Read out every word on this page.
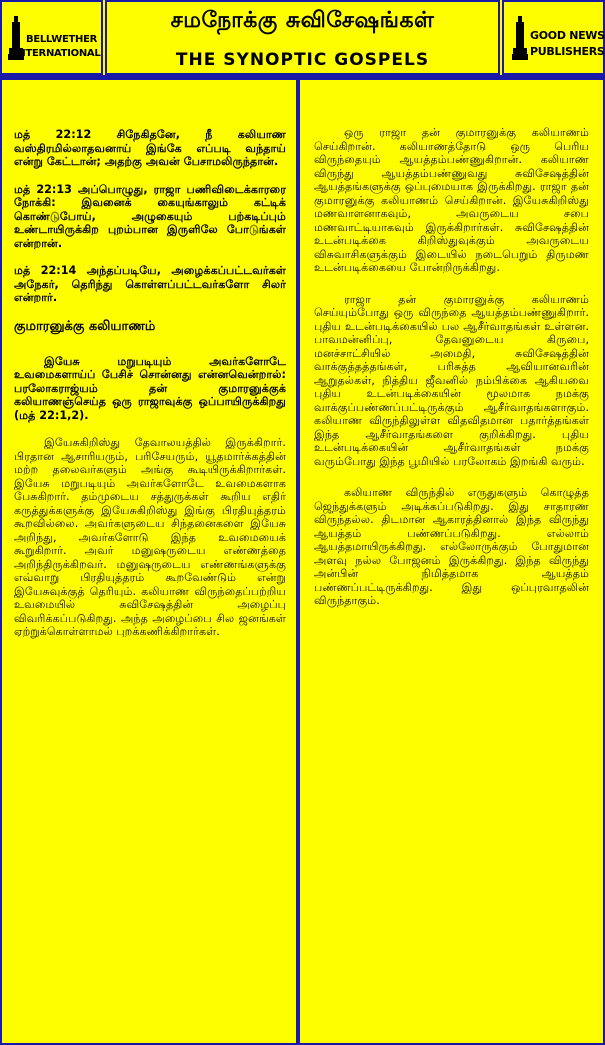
BELLWETHER
INTERNATIONAL
சமநோக்கு சுவிசேஷங்கள்
THE SYNOPTIC GOSPELS
GOOD NEWS
PUBLISHERS

மத் 22:12 சிநேகிதனே, நீ கலியாண வஸ்திரமில்லாதவனாய் இங்கே எப்படி வந்தாய் என்று கேட்டான்; அதற்கு அவன் பேசாமலிருந்தான்.

மத் 22:13 அப்பொழுது, ராஜா பணிவிடைக்காரரை நோக்கி: இவனைக் கையுங்காலும் கட்டிக் கொண்டுபோய், அழுகையும் பற்கடிப்பும் உண்டாயிருக்கிற புறம்பான இருளிலே போடுங்கள் என்றான்.

மத் 22:14 அந்தப்படியே, அழைக்கப்பட்டவர்கள் அநேகர், தெரிந்து கொள்ளப்பட்டவர்களோ சிலர் என்றார்.

குமாரனுக்கு கலியாணம்

இயேசு மறுபடியும் அவர்களோடே உவமைகளாய்ப் பேசிச் சொன்னது என்னவென்றால்: பரலோகராஜ்யம் தன் குமாரனுக்குக் கலியாணஞ்செய்த ஒரு ராஜாவுக்கு ஒப்பாயிருக்கிறது (மத் 22:1,2).

இயேசுகிறிஸ்து தேவாலயத்தில் இருக்கிறார். பிரதான ஆசாரியரும், பரிசேயரும், யூதமார்க்கத்தின் மற்ற தலைவர்களும் அங்கு கூடியிருக்கிறார்கள். இயேசு மறுபடியும் அவர்களோடே உவமைகளாக பேசுகிறார். தம்முடைய சத்துருக்கள் கூறிய எதிர் கருத்துக்களுக்கு இயேசுகிறிஸ்து இங்கு பிரதியுத்தரம் கூறவில்லை. அவர்களுடைய சிந்தனைகளை இயேசு அறிந்து, அவர்களோடு இந்த உவமையைக் கூறுகிறார். அவர் மனுஷருடைய எண்ணத்தை அறிந்திருக்கிறவர். மனுஷருடைய எண்ணங்களுக்கு எவ்வாறு பிரதியுத்தரம் கூறவேண்டும் என்று இயேசுவுக்குத் தெரியும். கலியாண விருந்தைப்பற்றிய உவமையில் சுவிசேஷத்தின் அழைப்பு விவரிக்கப்படுகிறது. அந்த அழைப்பை சில ஜனங்கள் ஏற்றுக்கொள்ளாமல் புறக்கணிக்கிறார்கள்.

ஒரு ராஜா தன் குமாரனுக்கு கலியாணம் செய்கிறான். கலியாணத்தோடு ஒரு பெரிய விருந்தையும் ஆயத்தம்பண்ணுகிறான். கலியாண விருந்து ஆயத்தம்பண்ணுவது சுவிசேஷத்தின் ஆயத்தங்களுக்கு ஒப்புமையாக இருக்கிறது. ராஜா தன் குமாரனுக்கு கலியாணம் செய்கிறான். இயேசுகிறிஸ்து மணவாளனாகவும், அவருடைய சபை மணவாட்டியாகவும் இருக்கிறார்கள். சுவிசேஷத்தின் உடன்படிக்கை கிறிஸ்துவுக்கும் அவருடைய விசுவாசிகளுக்கும் இடையில் நடைபெறும் திருமண உடன்படிக்கையை போன்றிருக்கிறது.

ராஜா தன் குமாரனுக்கு கலியாணம் செய்யும்போது ஒரு விருந்தை ஆயத்தம்பண்ணுகிறார். புதிய உடன்படிக்கையில் பல ஆசீர்வாதங்கள் உள்ளன. பாவமன்னிப்பு, தேவனுடைய கிருபை, மனச்சாட்சியில் அமைதி, சுவிசேஷத்தின் வாக்குத்தத்தங்கள், பரிசுத்த ஆவியானவரின் ஆறுதல்கள், நித்திய ஜீவனில் நம்பிக்கை ஆகியவை புதிய உடன்படிக்கையின் மூலமாக நமக்கு வாக்குப்பண்ணப்பட்டிருக்கும் ஆசீர்வாதங்களாகும். கலியாண விருந்திலுள்ள விதவிதமான பதார்த்தங்கள் இந்த ஆசீர்வாதங்களை குறிக்கிறது. புதிய உடன்படிக்கையின் ஆசீர்வாதங்கள் நமக்கு வரும்போது இந்த பூமியில் பரலோகம் இறங்கி வரும்.

கலியாண விருந்தில் எருதுகளும் கொழுத்த ஜெந்துக்களும் அடிக்கப்படுகிறது. இது சாதாரண விருந்தல்ல. திடமான ஆகாரத்தினால் இந்த விருந்து ஆயத்தம் பண்ணப்படுகிறது. எல்லாம் ஆயத்தமாயிருக்கிறது. எல்லோருக்கும் போதுமான அளவு நல்ல போஜனம் இருக்கிறது. இந்த விருந்து அன்பின் நிமித்தமாக ஆயத்தம் பண்ணப்பட்டிருக்கிறது. இது ஒப்புரவாதலின் விருந்தாகும்.
